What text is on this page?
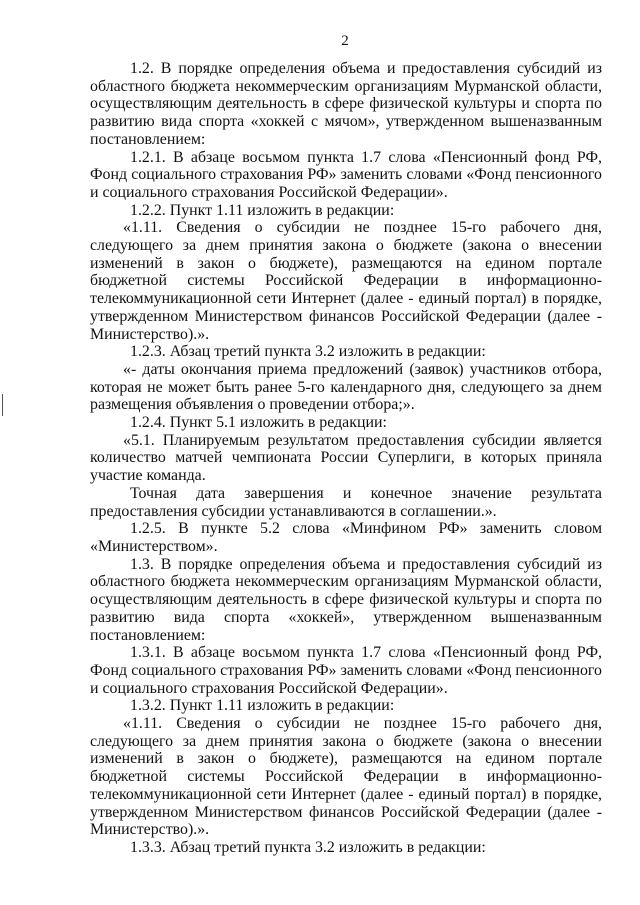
2

1.2. В порядке определения объема и предоставления субсидий из областного бюджета некоммерческим организациям Мурманской области, осуществляющим деятельность в сфере физической культуры и спорта по развитию вида спорта «хоккей с мячом», утвержденном вышеназванным постановлением:

1.2.1. В абзаце восьмом пункта 1.7 слова «Пенсионный фонд РФ, Фонд социального страхования РФ» заменить словами «Фонд пенсионного и социального страхования Российской Федерации».

1.2.2. Пункт 1.11 изложить в редакции:

«1.11. Сведения о субсидии не позднее 15-го рабочего дня, следующего за днем принятия закона о бюджете (закона о внесении изменений в закон о бюджете), размещаются на едином портале бюджетной системы Российской Федерации в информационно-телекоммуникационной сети Интернет (далее - единый портал) в порядке, утвержденном Министерством финансов Российской Федерации (далее - Министерство).».

1.2.3. Абзац третий пункта 3.2 изложить в редакции:

«- даты окончания приема предложений (заявок) участников отбора, которая не может быть ранее 5-го календарного дня, следующего за днем размещения объявления о проведении отбора;».

1.2.4. Пункт 5.1 изложить в редакции:

«5.1. Планируемым результатом предоставления субсидии является количество матчей чемпионата России Суперлиги, в которых приняла участие команда.

Точная дата завершения и конечное значение результата предоставления субсидии устанавливаются в соглашении.».

1.2.5. В пункте 5.2 слова «Минфином РФ» заменить словом «Министерством».

1.3. В порядке определения объема и предоставления субсидий из областного бюджета некоммерческим организациям Мурманской области, осуществляющим деятельность в сфере физической культуры и спорта по развитию вида спорта «хоккей», утвержденном вышеназванным постановлением:

1.3.1. В абзаце восьмом пункта 1.7 слова «Пенсионный фонд РФ, Фонд социального страхования РФ» заменить словами «Фонд пенсионного и социального страхования Российской Федерации».

1.3.2. Пункт 1.11 изложить в редакции:

«1.11. Сведения о субсидии не позднее 15-го рабочего дня, следующего за днем принятия закона о бюджете (закона о внесении изменений в закон о бюджете), размещаются на едином портале бюджетной системы Российской Федерации в информационно-телекоммуникационной сети Интернет (далее - единый портал) в порядке, утвержденном Министерством финансов Российской Федерации (далее - Министерство).».

1.3.3. Абзац третий пункта 3.2 изложить в редакции:
